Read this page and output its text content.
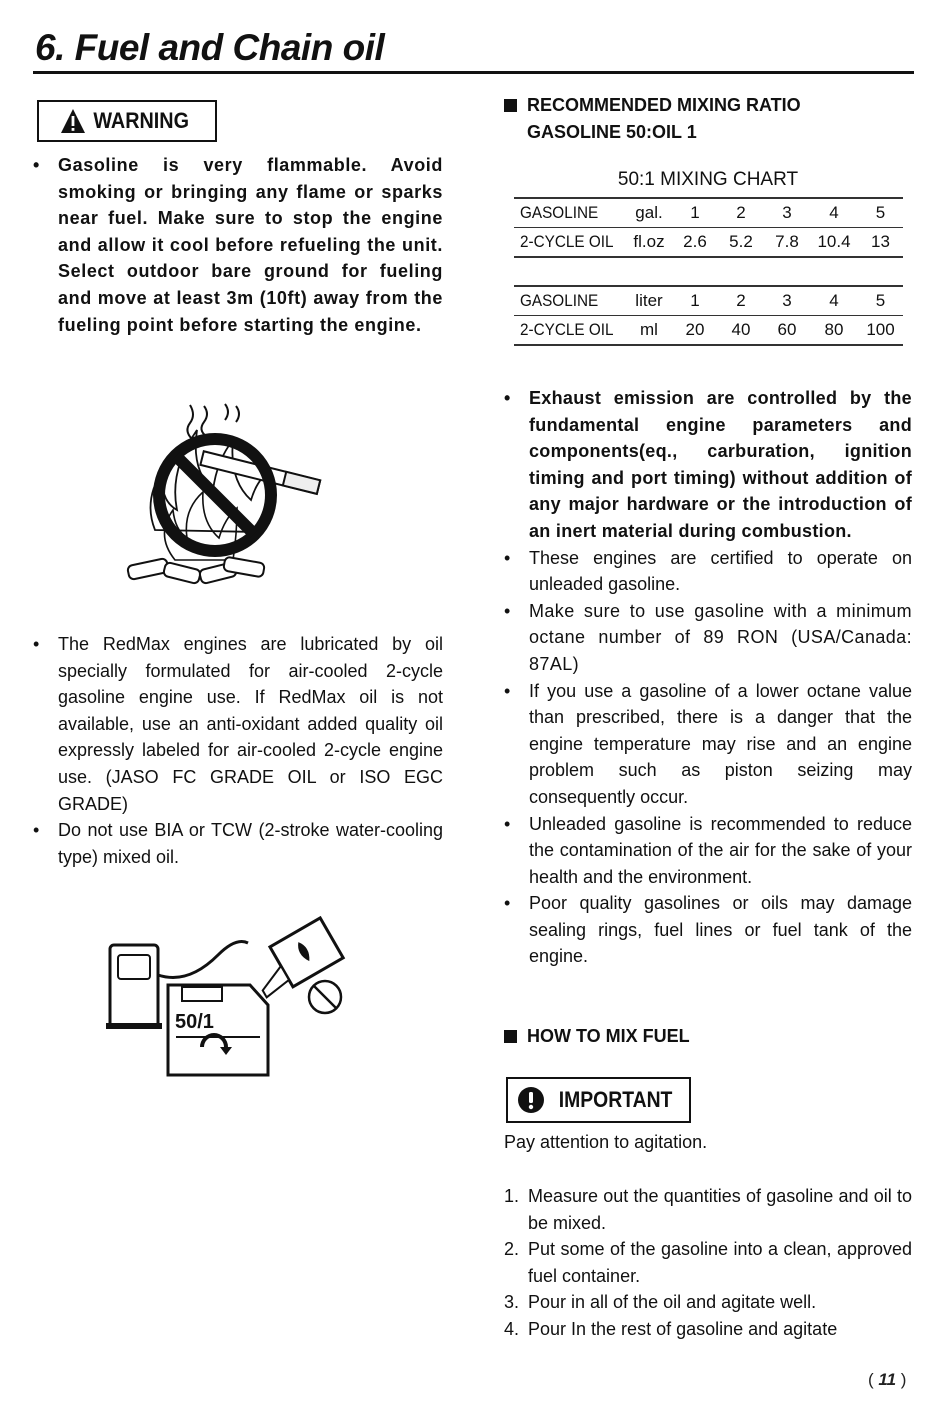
6. Fuel and Chain oil
WARNING
• Gasoline is very flammable. Avoid smoking or bringing any flame or sparks near fuel. Make sure to stop the engine and allow it cool before refueling the unit. Select outdoor bare ground for fueling and move at least 3m (10ft) away from the fueling point before starting the engine.
• The RedMax engines are lubricated by oil specially formulated for air-cooled 2-cycle gasoline engine use. If RedMax oil is not available, use an anti-oxidant added quality oil expressly labeled for air-cooled 2-cycle engine use. (JASO FC GRADE OIL or ISO EGC GRADE)
• Do not use BIA or TCW (2-stroke water-cooling type) mixed oil.
50/1
RECOMMENDED MIXING RATIO
GASOLINE 50:OIL 1
50:1 MIXING CHART
GASOLINE	gal.	1	2	3	4	5
2-CYCLE OIL	fl.oz	2.6	5.2	7.8	10.4	13
GASOLINE	liter	1	2	3	4	5
2-CYCLE OIL	ml	20	40	60	80	100
• Exhaust emission are controlled by the fundamental engine parameters and components(eq., carburation, ignition timing and port timing) without addition of any major hardware or the introduction of an inert material during combustion.
• These engines are certified to operate on unleaded gasoline.
• Make sure to use gasoline with a minimum octane number of 89 RON (USA/Canada: 87AL)
• If you use a gasoline of a lower octane value than prescribed, there is a danger that the engine temperature may rise and an engine problem such as piston seizing may consequently occur.
• Unleaded gasoline is recommended to reduce the contamination of the air for the sake of your health and the environment.
• Poor quality gasolines or oils may damage sealing rings, fuel lines or fuel tank of the engine.
HOW TO MIX FUEL
IMPORTANT
Pay attention to agitation.
1. Measure out the quantities of gasoline and oil to be mixed.
2. Put some of the gasoline into a clean, approved fuel container.
3. Pour in all of the oil and agitate well.
4. Pour In the rest of gasoline and agitate
( 11 )
